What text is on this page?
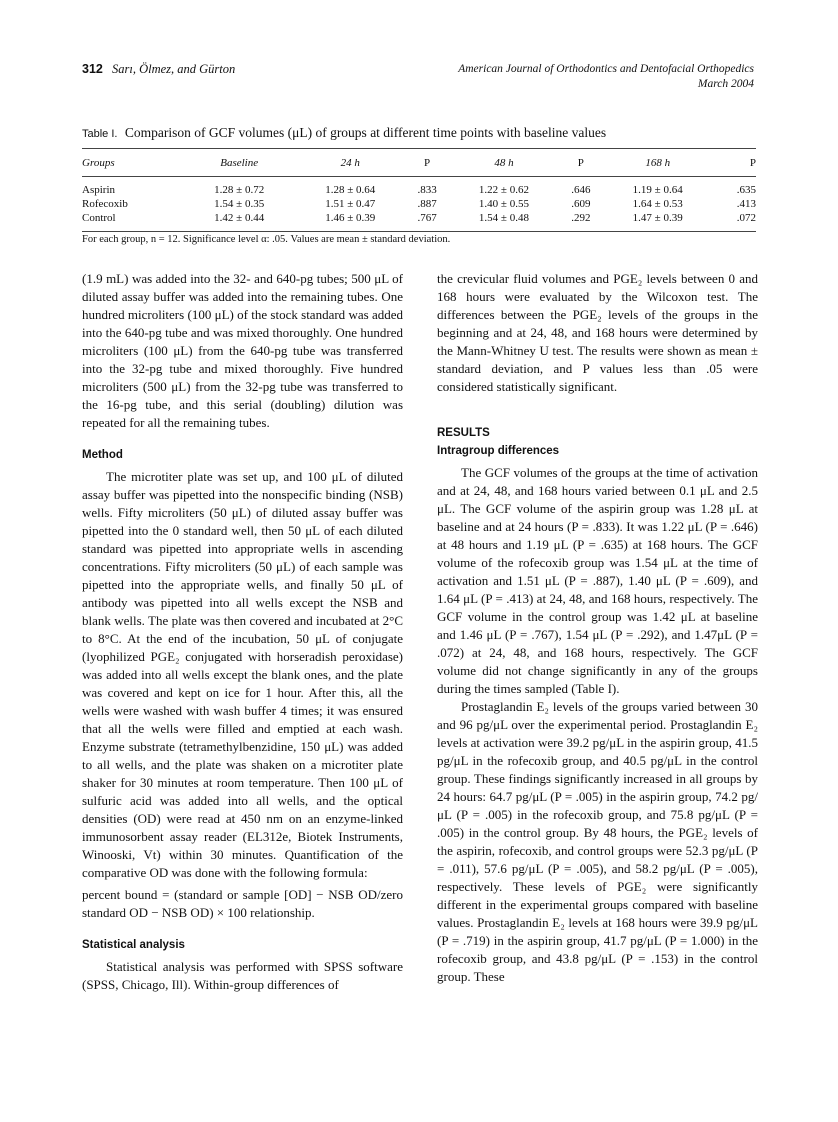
312 Sarı, Ölmez, and Gürton	American Journal of Orthodontics and Dentofacial Orthopedics
March 2004
Table I. Comparison of GCF volumes (μL) of groups at different time points with baseline values
Groups	Baseline	24 h	P	48 h	P	168 h	P
Aspirin	1.28 ± 0.72	1.28 ± 0.64	.833	1.22 ± 0.62	.646	1.19 ± 0.64	.635
Rofecoxib	1.54 ± 0.35	1.51 ± 0.47	.887	1.40 ± 0.55	.609	1.64 ± 0.53	.413
Control	1.42 ± 0.44	1.46 ± 0.39	.767	1.54 ± 0.48	.292	1.47 ± 0.39	.072
For each group, n = 12. Significance level α: .05. Values are mean ± standard deviation.

(1.9 mL) was added into the 32- and 640-pg tubes; 500 μL of diluted assay buffer was added into the remaining tubes. One hundred microliters (100 μL) of the stock standard was added into the 640-pg tube and was mixed thoroughly. One hundred microliters (100 μL) from the 640-pg tube was transferred into the 32-pg tube and mixed thoroughly. Five hundred microliters (500 μL) from the 32-pg tube was transferred to the 16-pg tube, and this serial (doubling) dilution was repeated for all the remaining tubes.

Method

The microtiter plate was set up, and 100 μL of diluted assay buffer was pipetted into the nonspecific binding (NSB) wells. Fifty microliters (50 μL) of diluted assay buffer was pipetted into the 0 standard well, then 50 μL of each diluted standard was pipetted into appropriate wells in ascending concentrations. Fifty microliters (50 μL) of each sample was pipetted into the appropriate wells, and finally 50 μL of antibody was pipetted into all wells except the NSB and blank wells. The plate was then covered and incubated at 2°C to 8°C. At the end of the incubation, 50 μL of conjugate (lyophilized PGE₂ conjugated with horseradish peroxidase) was added into all wells except the blank ones, and the plate was covered and kept on ice for 1 hour. After this, all the wells were washed with wash buffer 4 times; it was ensured that all the wells were filled and emptied at each wash. Enzyme substrate (tetramethylbenzidine, 150 μL) was added to all wells, and the plate was shaken on a microtiter plate shaker for 30 minutes at room temperature. Then 100 μL of sulfuric acid was added into all wells, and the optical densities (OD) were read at 450 nm on an enzyme-linked immunosorbent assay reader (EL312e, Biotek Instruments, Winooski, Vt) within 30 minutes. Quantification of the comparative OD was done with the following formula:

percent bound = (standard or sample [OD] − NSB OD/zero standard OD − NSB OD) × 100 relationship.

Statistical analysis

Statistical analysis was performed with SPSS software (SPSS, Chicago, Ill). Within-group differences of

the crevicular fluid volumes and PGE₂ levels between 0 and 168 hours were evaluated by the Wilcoxon test. The differences between the PGE₂ levels of the groups in the beginning and at 24, 48, and 168 hours were determined by the Mann-Whitney U test. The results were shown as mean ± standard deviation, and P values less than .05 were considered statistically significant.

RESULTS
Intragroup differences

The GCF volumes of the groups at the time of activation and at 24, 48, and 168 hours varied between 0.1 μL and 2.5 μL. The GCF volume of the aspirin group was 1.28 μL at baseline and at 24 hours (P = .833). It was 1.22 μL (P = .646) at 48 hours and 1.19 μL (P = .635) at 168 hours. The GCF volume of the rofecoxib group was 1.54 μL at the time of activation and 1.51 μL (P = .887), 1.40 μL (P = .609), and 1.64 μL (P = .413) at 24, 48, and 168 hours, respectively. The GCF volume in the control group was 1.42 μL at baseline and 1.46 μL (P = .767), 1.54 μL (P = .292), and 1.47μL (P = .072) at 24, 48, and 168 hours, respectively. The GCF volume did not change significantly in any of the groups during the times sampled (Table I).

Prostaglandin E₂ levels of the groups varied between 30 and 96 pg/μL over the experimental period. Prostaglandin E₂ levels at activation were 39.2 pg/μL in the aspirin group, 41.5 pg/μL in the rofecoxib group, and 40.5 pg/μL in the control group. These findings significantly increased in all groups by 24 hours: 64.7 pg/μL (P = .005) in the aspirin group, 74.2 pg/μL (P = .005) in the rofecoxib group, and 75.8 pg/μL (P = .005) in the control group. By 48 hours, the PGE₂ levels of the aspirin, rofecoxib, and control groups were 52.3 pg/μL (P = .011), 57.6 pg/μL (P = .005), and 58.2 pg/μL (P = .005), respectively. These levels of PGE₂ were significantly different in the experimental groups compared with baseline values. Prostaglandin E₂ levels at 168 hours were 39.9 pg/μL (P = .719) in the aspirin group, 41.7 pg/μL (P = 1.000) in the rofecoxib group, and 43.8 pg/μL (P = .153) in the control group. These
